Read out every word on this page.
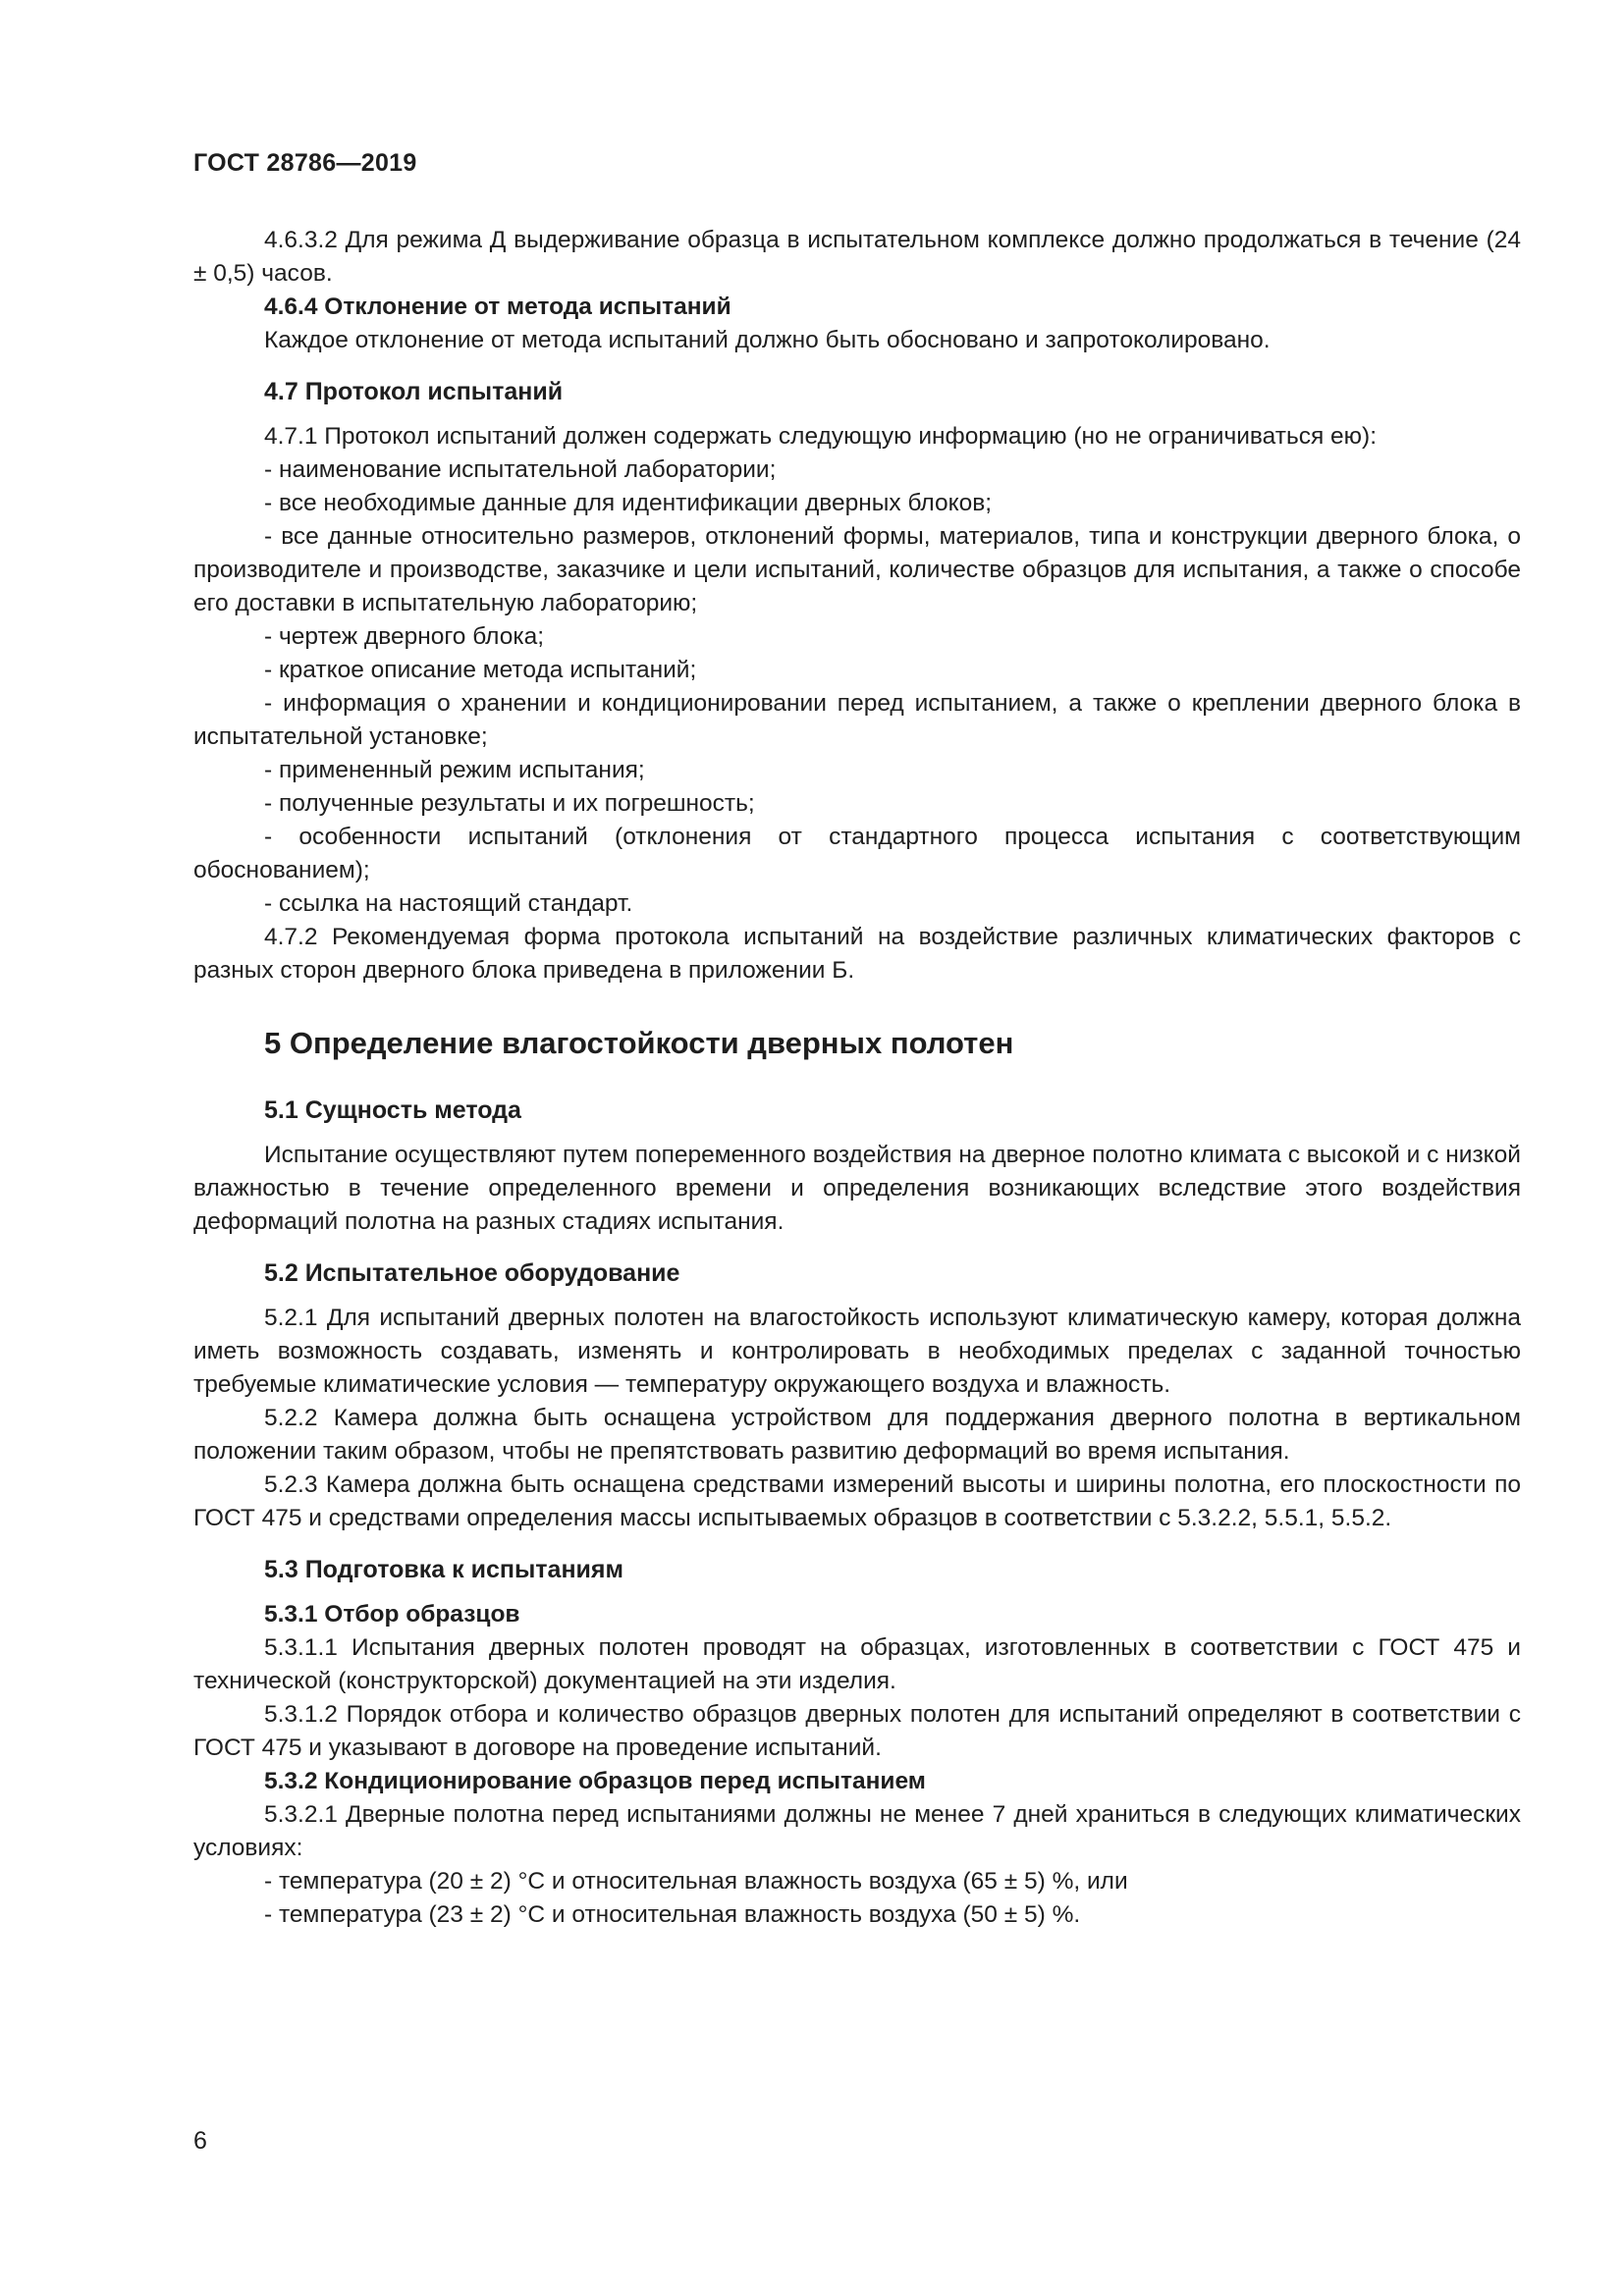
ГОСТ 28786—2019

4.6.3.2 Для режима Д выдерживание образца в испытательном комплексе должно продолжаться в течение (24 ± 0,5) часов.

4.6.4 Отклонение от метода испытаний

Каждое отклонение от метода испытаний должно быть обосновано и запротоколировано.

4.7 Протокол испытаний

4.7.1 Протокол испытаний должен содержать следующую информацию (но не ограничиваться ею):

- наименование испытательной лаборатории;

- все необходимые данные для идентификации дверных блоков;

- все данные относительно размеров, отклонений формы, материалов, типа и конструкции дверного блока, о производителе и производстве, заказчике и цели испытаний, количестве образцов для испытания, а также о способе его доставки в испытательную лабораторию;

- чертеж дверного блока;

- краткое описание метода испытаний;

- информация о хранении и кондиционировании перед испытанием, а также о креплении дверного блока в испытательной установке;

- примененный режим испытания;

- полученные результаты и их погрешность;

- особенности испытаний (отклонения от стандартного процесса испытания с соответствующим обоснованием);

- ссылка на настоящий стандарт.

4.7.2 Рекомендуемая форма протокола испытаний на воздействие различных климатических факторов с разных сторон дверного блока приведена в приложении Б.

5 Определение влагостойкости дверных полотен

5.1 Сущность метода

Испытание осуществляют путем попеременного воздействия на дверное полотно климата с высокой и с низкой влажностью в течение определенного времени и определения возникающих вследствие этого воздействия деформаций полотна на разных стадиях испытания.

5.2 Испытательное оборудование

5.2.1 Для испытаний дверных полотен на влагостойкость используют климатическую камеру, которая должна иметь возможность создавать, изменять и контролировать в необходимых пределах с заданной точностью требуемые климатические условия — температуру окружающего воздуха и влажность.

5.2.2 Камера должна быть оснащена устройством для поддержания дверного полотна в вертикальном положении таким образом, чтобы не препятствовать развитию деформаций во время испытания.

5.2.3 Камера должна быть оснащена средствами измерений высоты и ширины полотна, его плоскостности по ГОСТ 475 и средствами определения массы испытываемых образцов в соответствии с 5.3.2.2, 5.5.1, 5.5.2.

5.3 Подготовка к испытаниям

5.3.1 Отбор образцов

5.3.1.1 Испытания дверных полотен проводят на образцах, изготовленных в соответствии с ГОСТ 475 и технической (конструкторской) документацией на эти изделия.

5.3.1.2 Порядок отбора и количество образцов дверных полотен для испытаний определяют в соответствии с ГОСТ 475 и указывают в договоре на проведение испытаний.

5.3.2 Кондиционирование образцов перед испытанием

5.3.2.1 Дверные полотна перед испытаниями должны не менее 7 дней храниться в следующих климатических условиях:

- температура (20 ± 2) °С и относительная влажность воздуха (65 ± 5) %, или

- температура (23 ± 2) °С и относительная влажность воздуха (50 ± 5) %.

6
